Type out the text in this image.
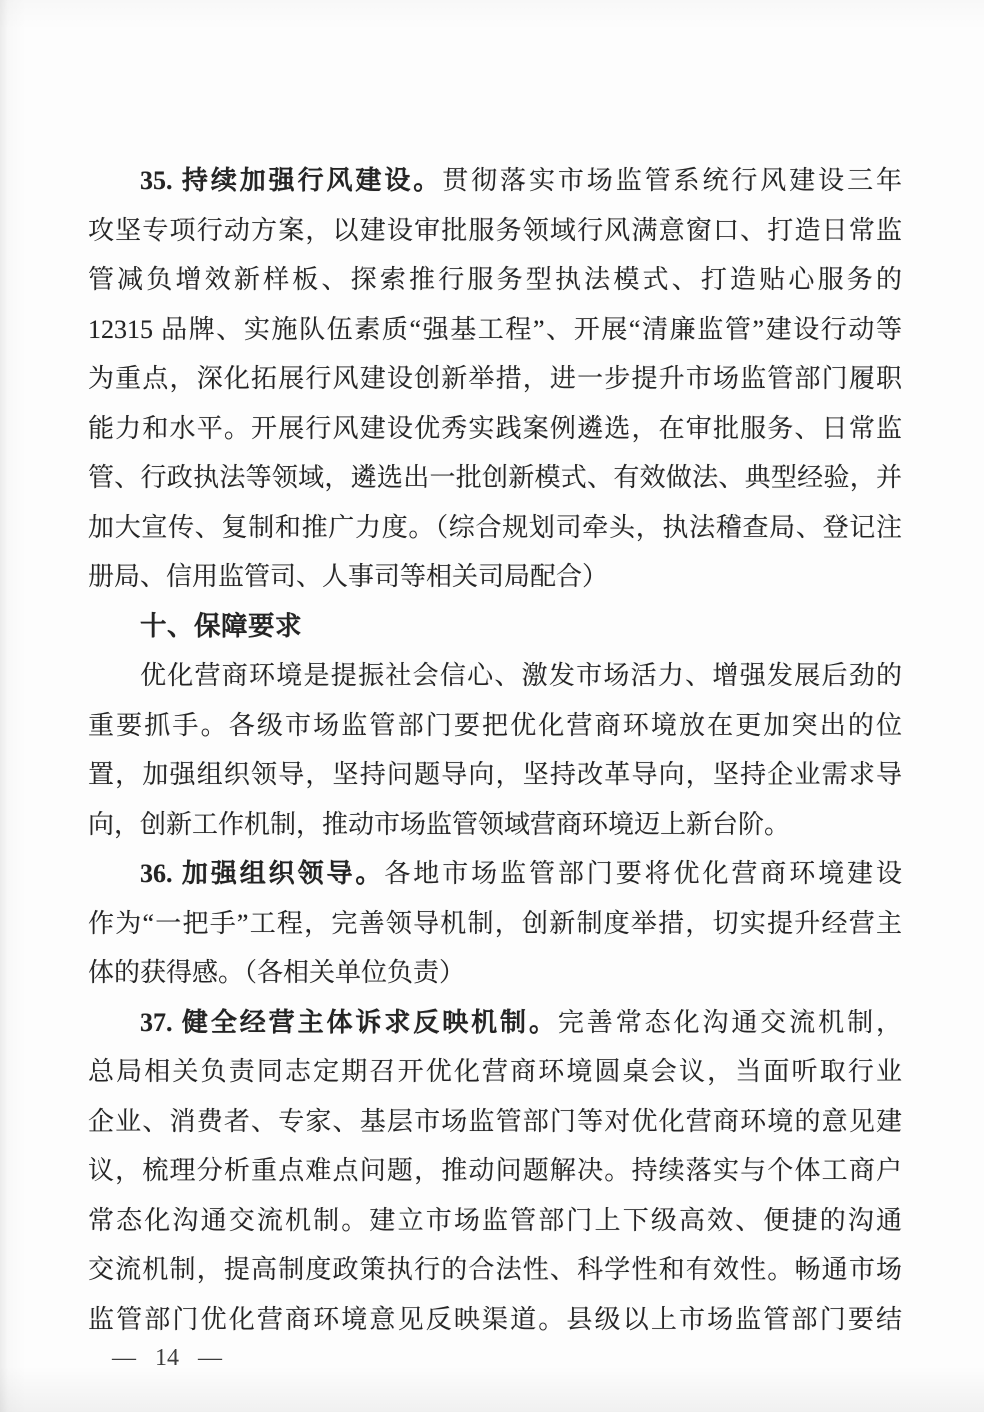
35. 持续加强行风建设。贯彻落实市场监管系统行风建设三年
攻坚专项行动方案，以建设审批服务领域行风满意窗口、打造日常监
管减负增效新样板、探索推行服务型执法模式、打造贴心服务的
12315 品牌、实施队伍素质“强基工程”、开展“清廉监管”建设行动等
为重点，深化拓展行风建设创新举措，进一步提升市场监管部门履职
能力和水平。开展行风建设优秀实践案例遴选，在审批服务、日常监
管、行政执法等领域，遴选出一批创新模式、有效做法、典型经验，并
加大宣传、复制和推广力度。（综合规划司牵头，执法稽查局、登记注
册局、信用监管司、人事司等相关司局配合）
十、保障要求
优化营商环境是提振社会信心、激发市场活力、增强发展后劲的
重要抓手。各级市场监管部门要把优化营商环境放在更加突出的位
置，加强组织领导，坚持问题导向，坚持改革导向，坚持企业需求导
向，创新工作机制，推动市场监管领域营商环境迈上新台阶。
36. 加强组织领导。各地市场监管部门要将优化营商环境建设
作为“一把手”工程，完善领导机制，创新制度举措，切实提升经营主
体的获得感。（各相关单位负责）
37. 健全经营主体诉求反映机制。完善常态化沟通交流机制，
总局相关负责同志定期召开优化营商环境圆桌会议，当面听取行业
企业、消费者、专家、基层市场监管部门等对优化营商环境的意见建
议，梳理分析重点难点问题，推动问题解决。持续落实与个体工商户
常态化沟通交流机制。建立市场监管部门上下级高效、便捷的沟通
交流机制，提高制度政策执行的合法性、科学性和有效性。畅通市场
监管部门优化营商环境意见反映渠道。县级以上市场监管部门要结
— 14 —
